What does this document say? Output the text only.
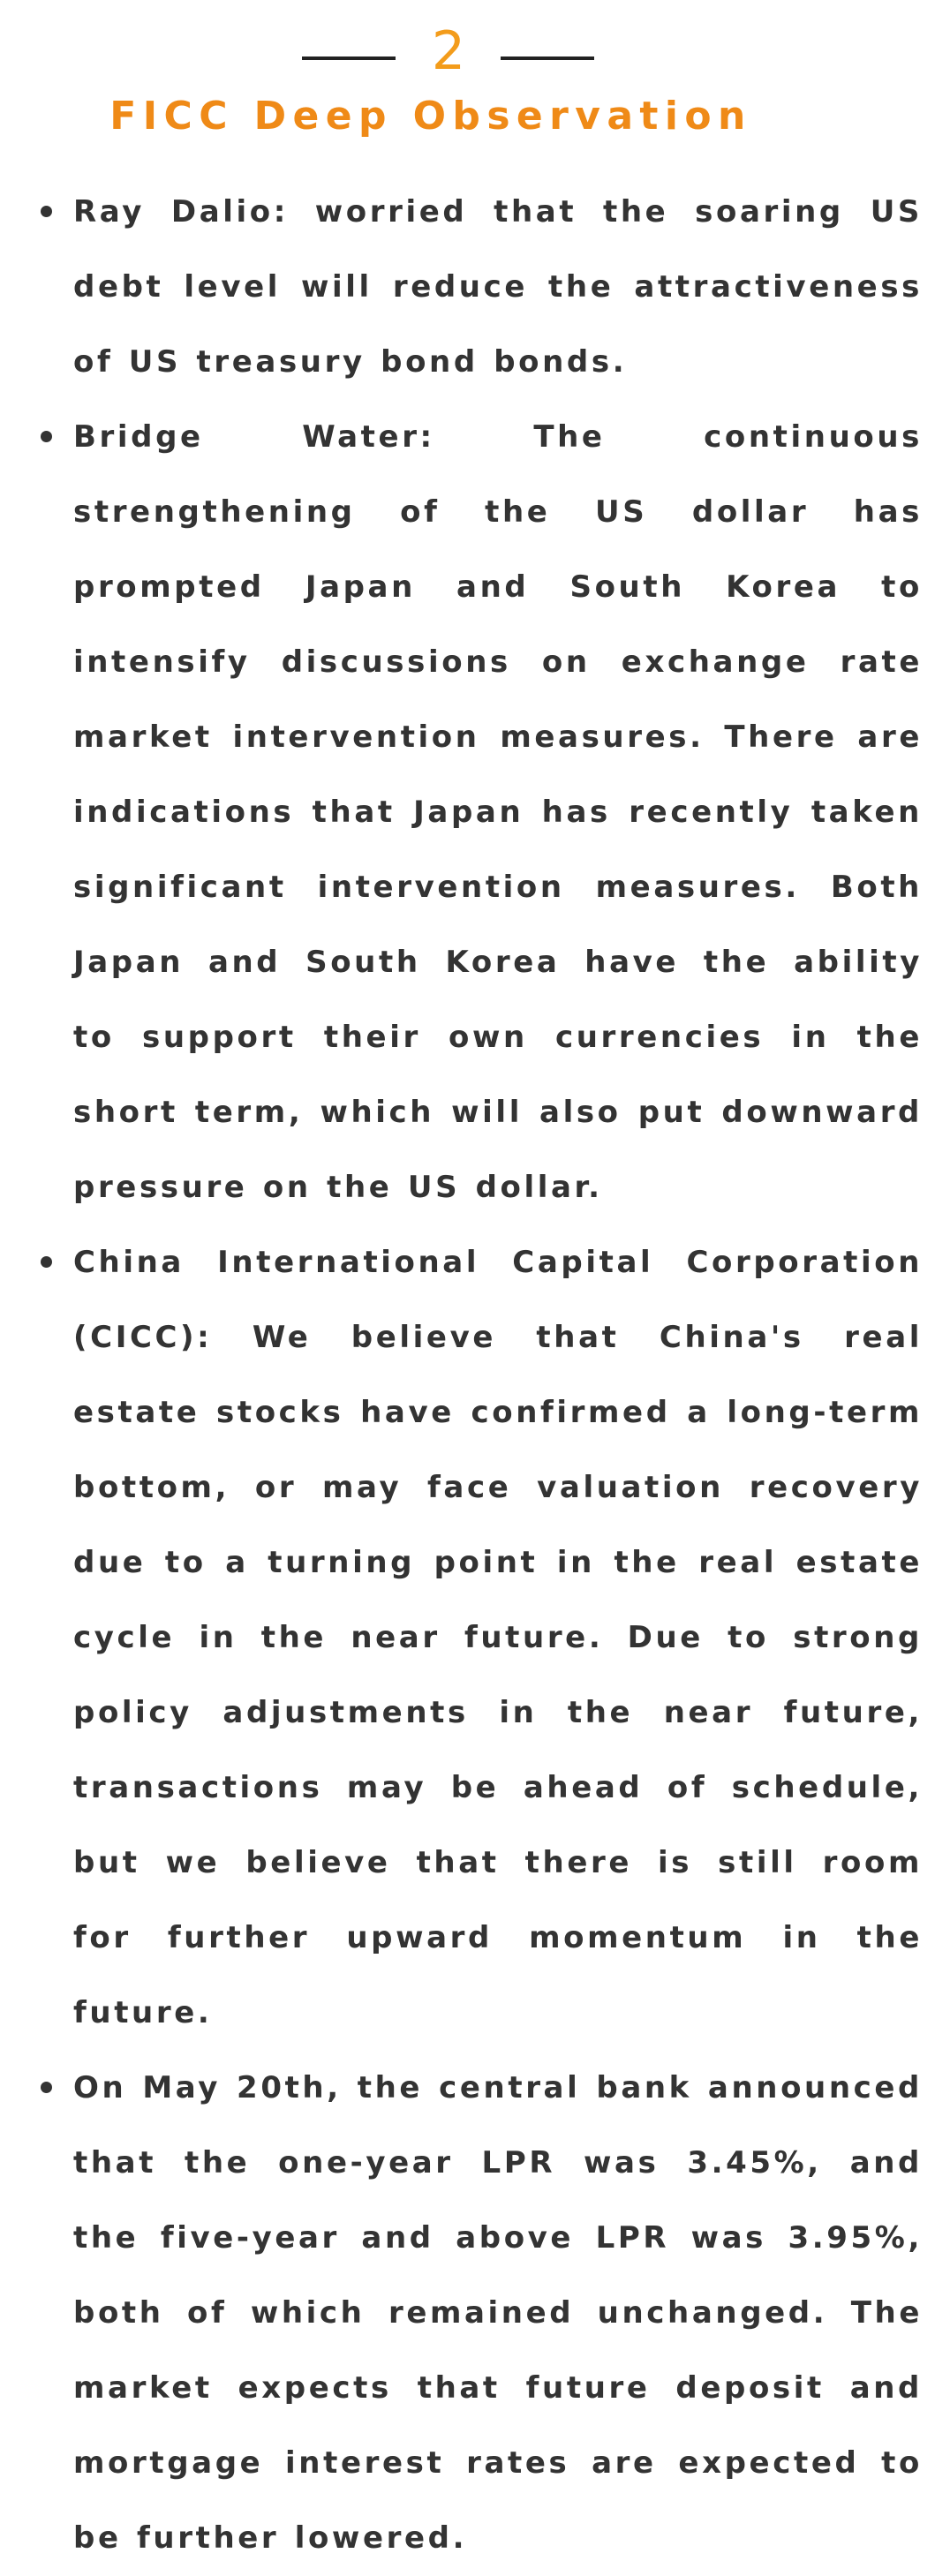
2
FICC Deep Observation
Ray Dalio: worried that the soaring US debt level will reduce the attractiveness of US treasury bond bonds.
Bridge Water: The continuous strengthening of the US dollar has prompted Japan and South Korea to intensify discussions on exchange rate market intervention measures. There are indications that Japan has recently taken significant intervention measures. Both Japan and South Korea have the ability to support their own currencies in the short term, which will also put downward pressure on the US dollar.
China International Capital Corporation (CICC): We believe that China's real estate stocks have confirmed a long-term bottom, or may face valuation recovery due to a turning point in the real estate cycle in the near future. Due to strong policy adjustments in the near future, transactions may be ahead of schedule, but we believe that there is still room for further upward momentum in the future.
On May 20th, the central bank announced that the one-year LPR was 3.45%, and the five-year and above LPR was 3.95%, both of which remained unchanged. The market expects that future deposit and mortgage interest rates are expected to be further lowered.
